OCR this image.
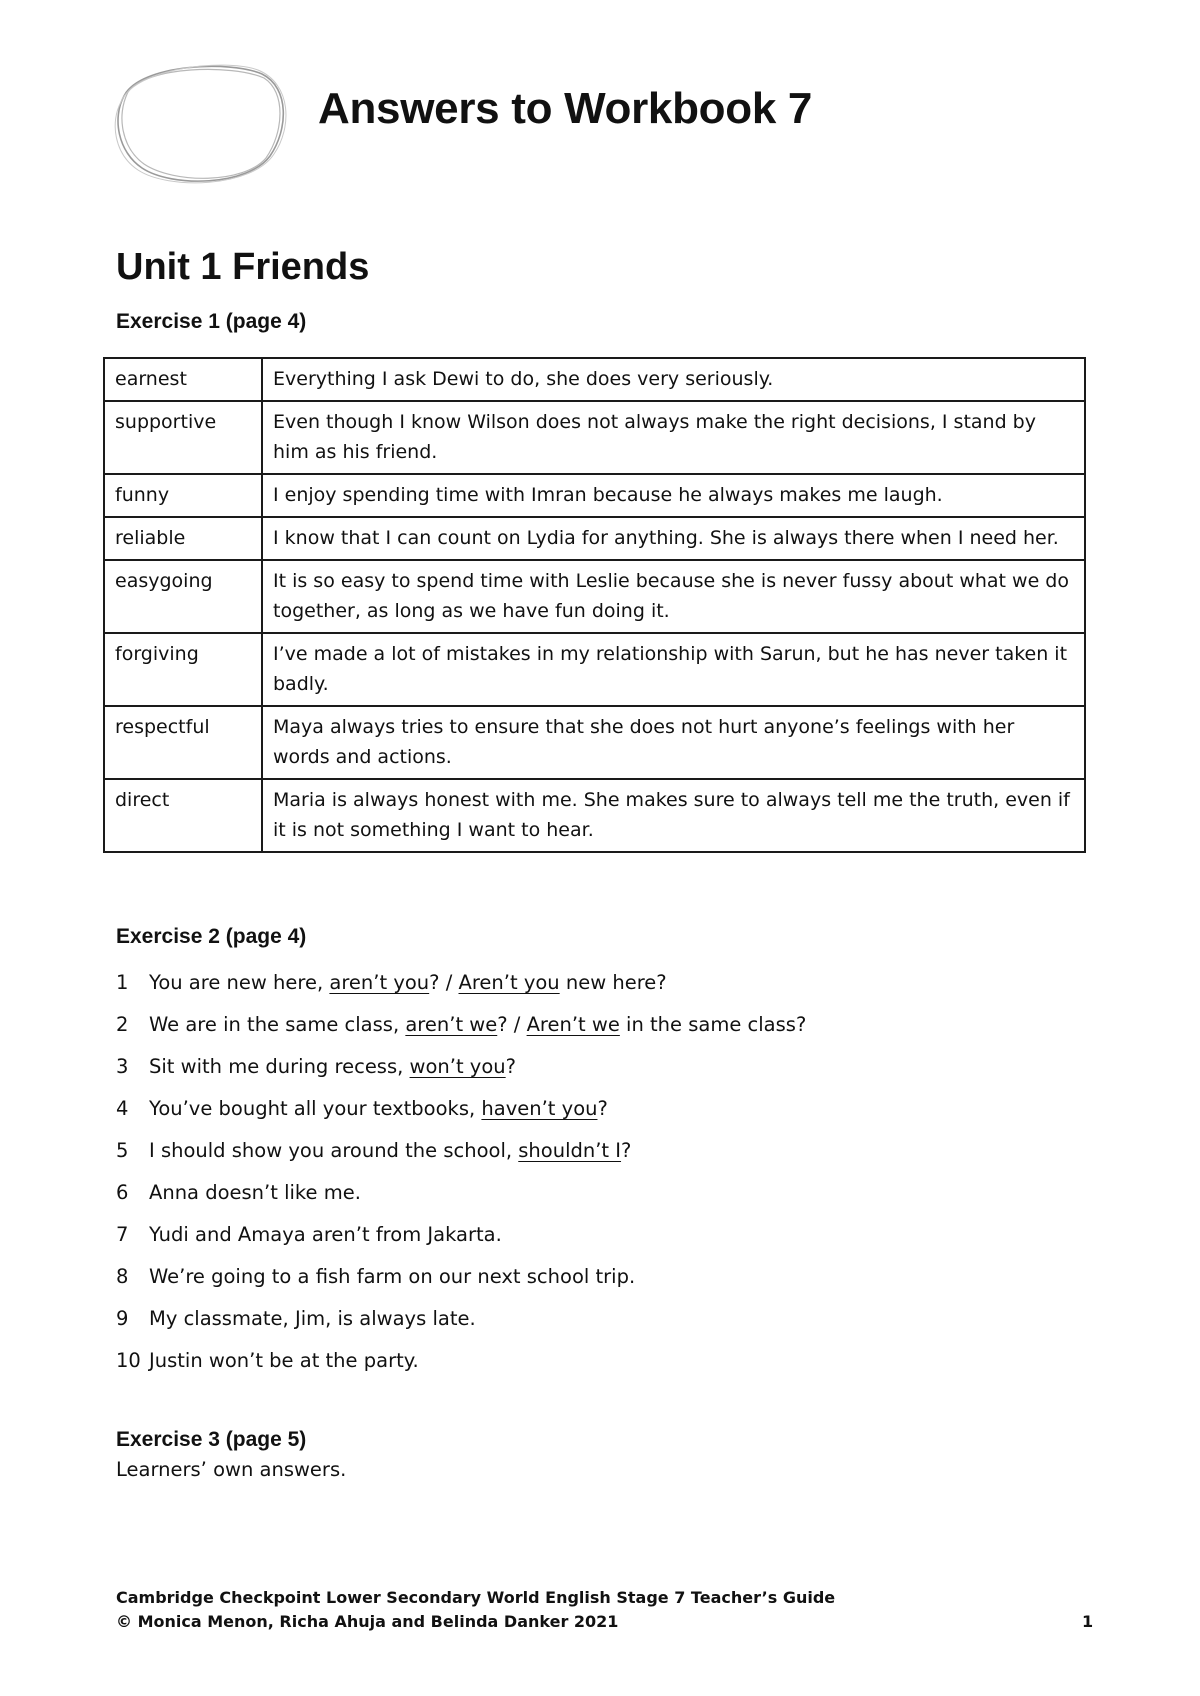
Answers to Workbook 7
Unit 1 Friends
Exercise 1 (page 4)
earnest	Everything I ask Dewi to do, she does very seriously.
supportive	Even though I know Wilson does not always make the right decisions, I stand by him as his friend.
funny	I enjoy spending time with Imran because he always makes me laugh.
reliable	I know that I can count on Lydia for anything. She is always there when I need her.
easygoing	It is so easy to spend time with Leslie because she is never fussy about what we do together, as long as we have fun doing it.
forgiving	I’ve made a lot of mistakes in my relationship with Sarun, but he has never taken it badly.
respectful	Maya always tries to ensure that she does not hurt anyone’s feelings with her words and actions.
direct	Maria is always honest with me. She makes sure to always tell me the truth, even if it is not something I want to hear.
Exercise 2 (page 4)
1	You are new here, aren’t you? / Aren’t you new here?
2	We are in the same class, aren’t we? / Aren’t we in the same class?
3	Sit with me during recess, won’t you?
4	You’ve bought all your textbooks, haven’t you?
5	I should show you around the school, shouldn’t I?
6	Anna doesn’t like me.
7	Yudi and Amaya aren’t from Jakarta.
8	We’re going to a fish farm on our next school trip.
9	My classmate, Jim, is always late.
10 Justin won’t be at the party.
Exercise 3 (page 5)

Learners’ own answers.

Cambridge Checkpoint Lower Secondary World English Stage 7 Teacher’s Guide
© Monica Menon, Richa Ahuja and Belinda Danker 2021	1
